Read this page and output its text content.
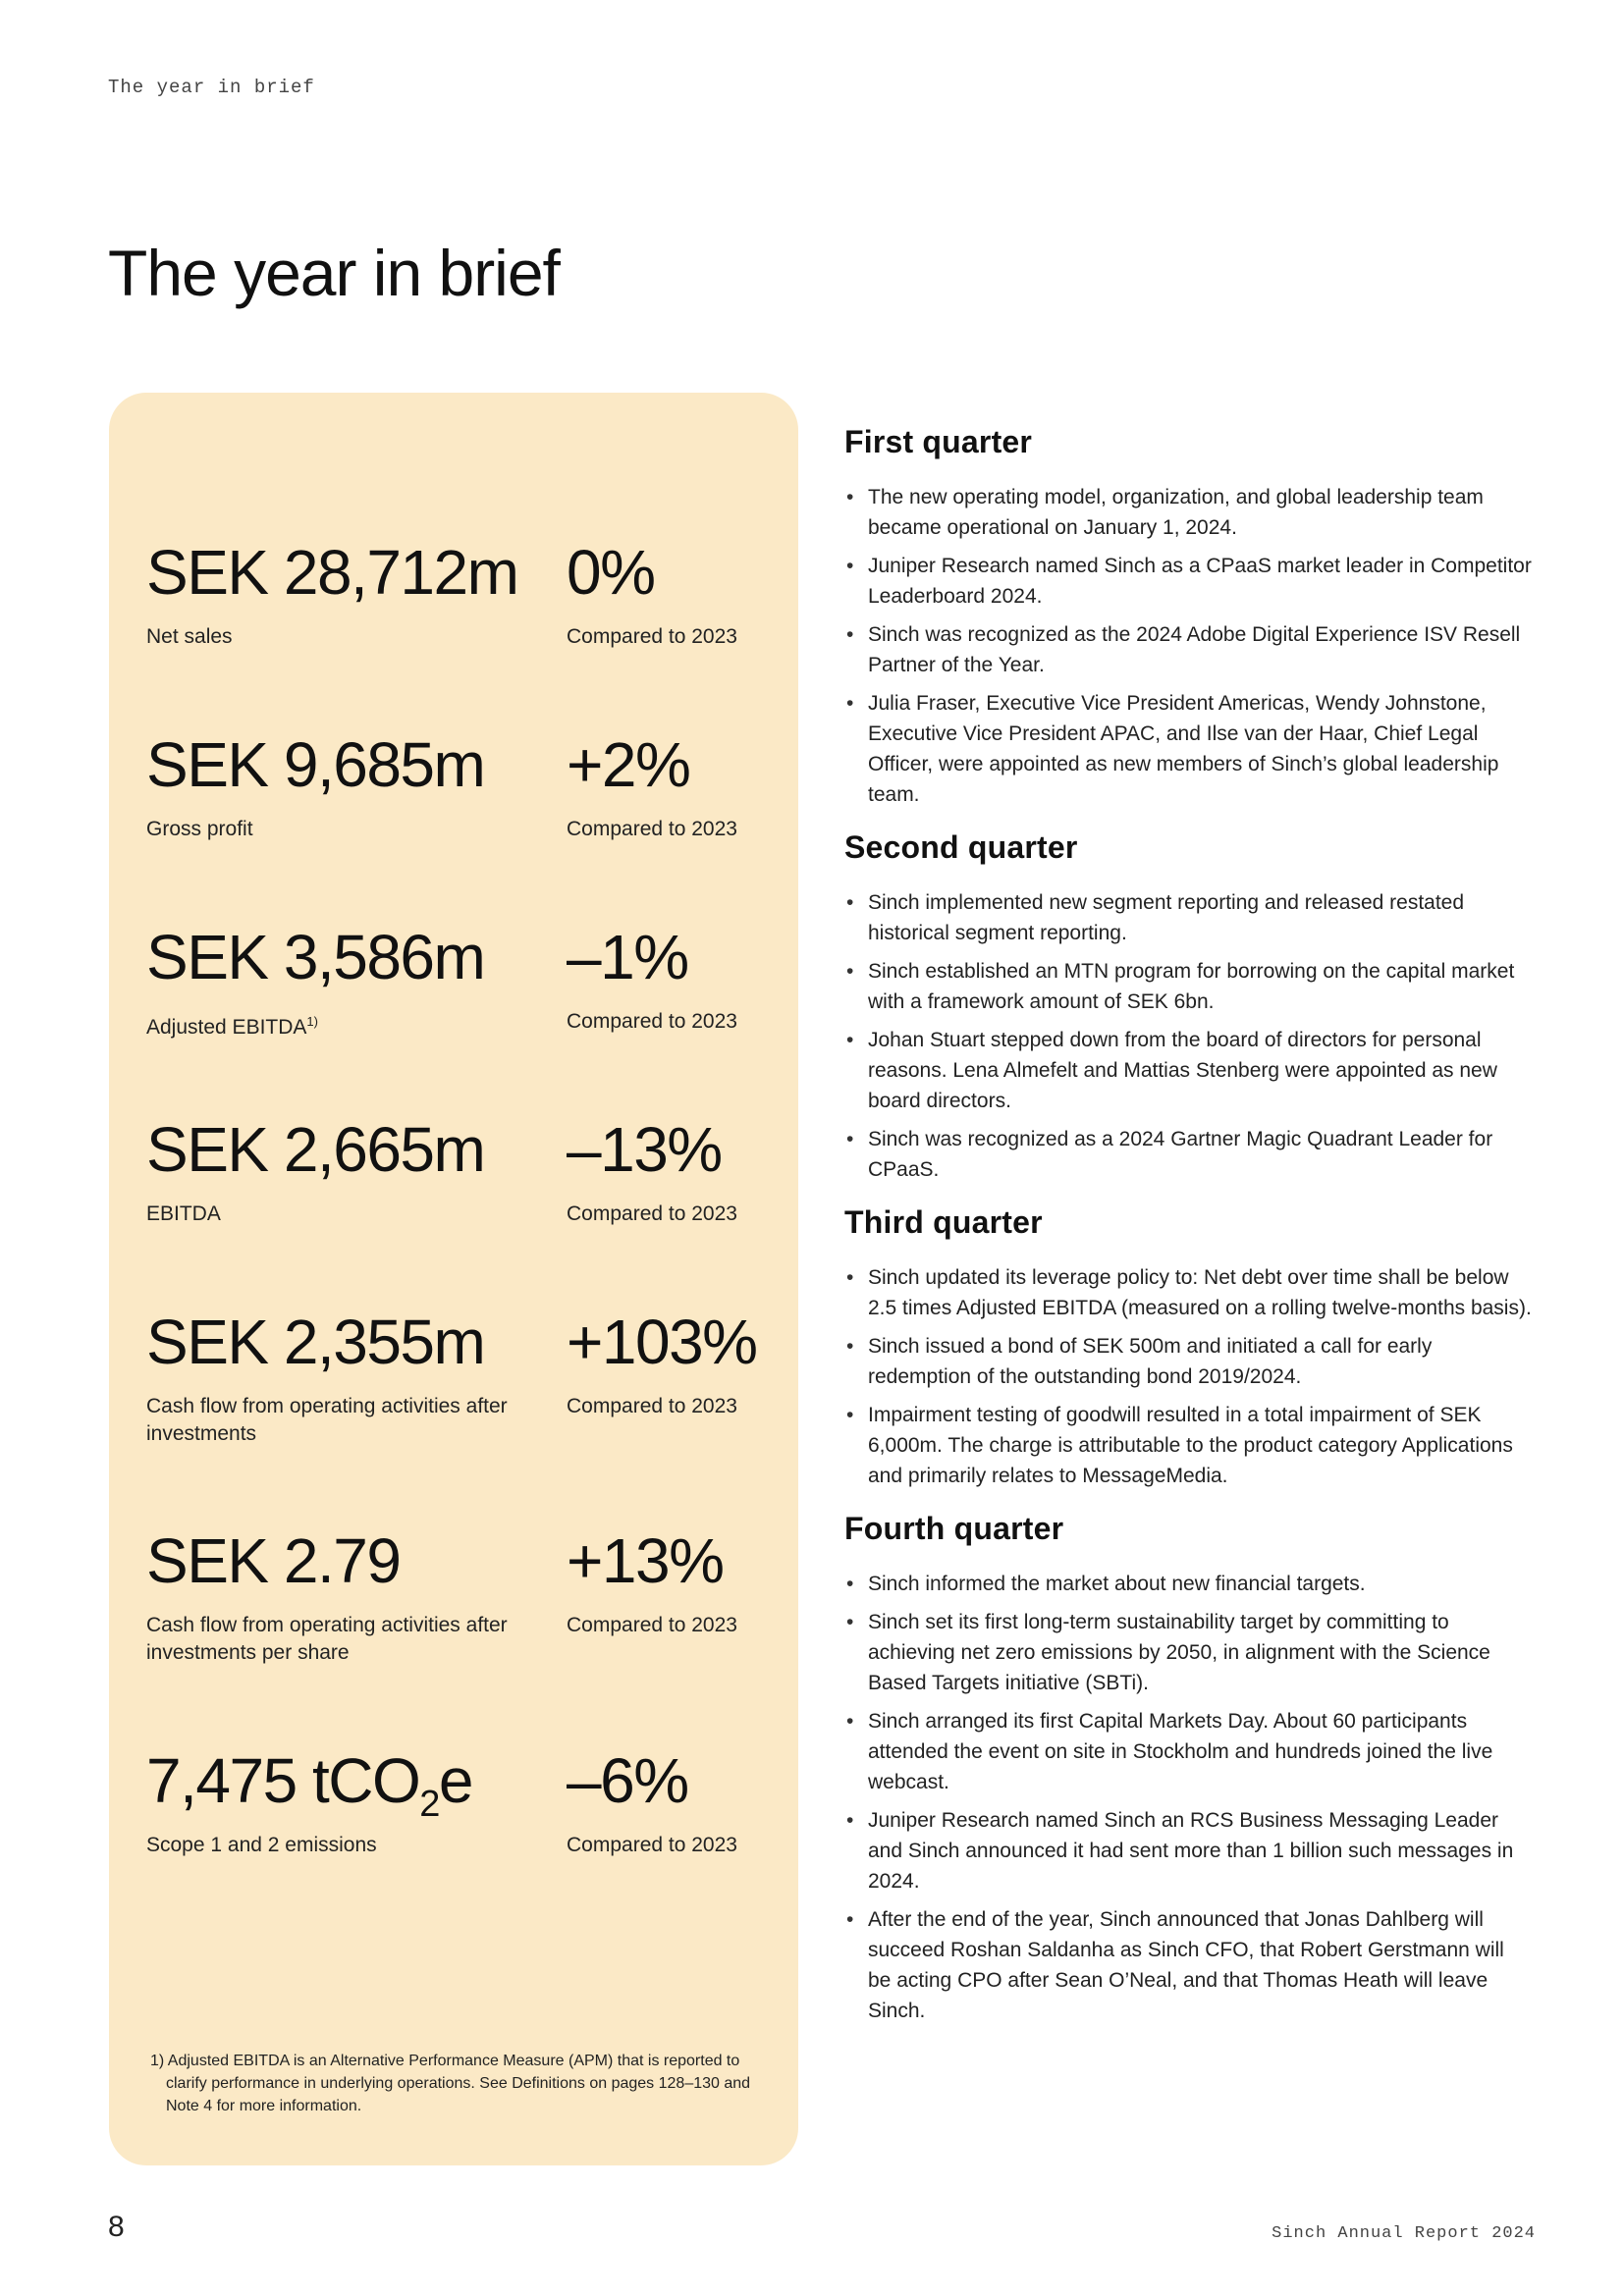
The year in brief
The year in brief
SEK 28,712m
Net sales
0%
Compared to 2023
SEK 9,685m
Gross profit
+2%
Compared to 2023
SEK 3,586m
Adjusted EBITDA$^{1)}$
–1%
Compared to 2023
SEK 2,665m
EBITDA
–13%
Compared to 2023
SEK 2,355m
Cash flow from operating activities after investments
+103%
Compared to 2023
SEK 2.79
Cash flow from operating activities after investments per share
+13%
Compared to 2023
7,475 tCO$_2$e
Scope 1 and 2 emissions
–6%
Compared to 2023
1) Adjusted EBITDA is an Alternative Performance Measure (APM) that is reported to clarify performance in underlying operations. See Definitions on pages 128–130 and Note 4 for more information.
First quarter
• The new operating model, organization, and global leadership team became operational on January 1, 2024.
• Juniper Research named Sinch as a CPaaS market leader in Competitor Leaderboard 2024.
• Sinch was recognized as the 2024 Adobe Digital Experience ISV Resell Partner of the Year.
• Julia Fraser, Executive Vice President Americas, Wendy Johnstone, Executive Vice President APAC, and Ilse van der Haar, Chief Legal Officer, were appointed as new members of Sinch’s global leadership team.
Second quarter
• Sinch implemented new segment reporting and released restated historical segment reporting.
• Sinch established an MTN program for borrowing on the capital market with a framework amount of SEK 6bn.
• Johan Stuart stepped down from the board of directors for personal reasons. Lena Almefelt and Mattias Stenberg were appointed as new board directors.
• Sinch was recognized as a 2024 Gartner Magic Quadrant Leader for CPaaS.
Third quarter
• Sinch updated its leverage policy to: Net debt over time shall be below 2.5 times Adjusted EBITDA (measured on a rolling twelve-months basis).
• Sinch issued a bond of SEK 500m and initiated a call for early redemption of the outstanding bond 2019/2024.
• Impairment testing of goodwill resulted in a total impairment of SEK 6,000m. The charge is attributable to the product category Applications and primarily relates to MessageMedia.
Fourth quarter
• Sinch informed the market about new financial targets.
• Sinch set its first long-term sustainability target by committing to achieving net zero emissions by 2050, in alignment with the Science Based Targets initiative (SBTi).
• Sinch arranged its first Capital Markets Day. About 60 participants attended the event on site in Stockholm and hundreds joined the live webcast.
• Juniper Research named Sinch an RCS Business Messaging Leader and Sinch announced it had sent more than 1 billion such messages in 2024.
• After the end of the year, Sinch announced that Jonas Dahlberg will succeed Roshan Saldanha as Sinch CFO, that Robert Gerstmann will be acting CPO after Sean O’Neal, and that Thomas Heath will leave Sinch.
8	Sinch Annual Report 2024
